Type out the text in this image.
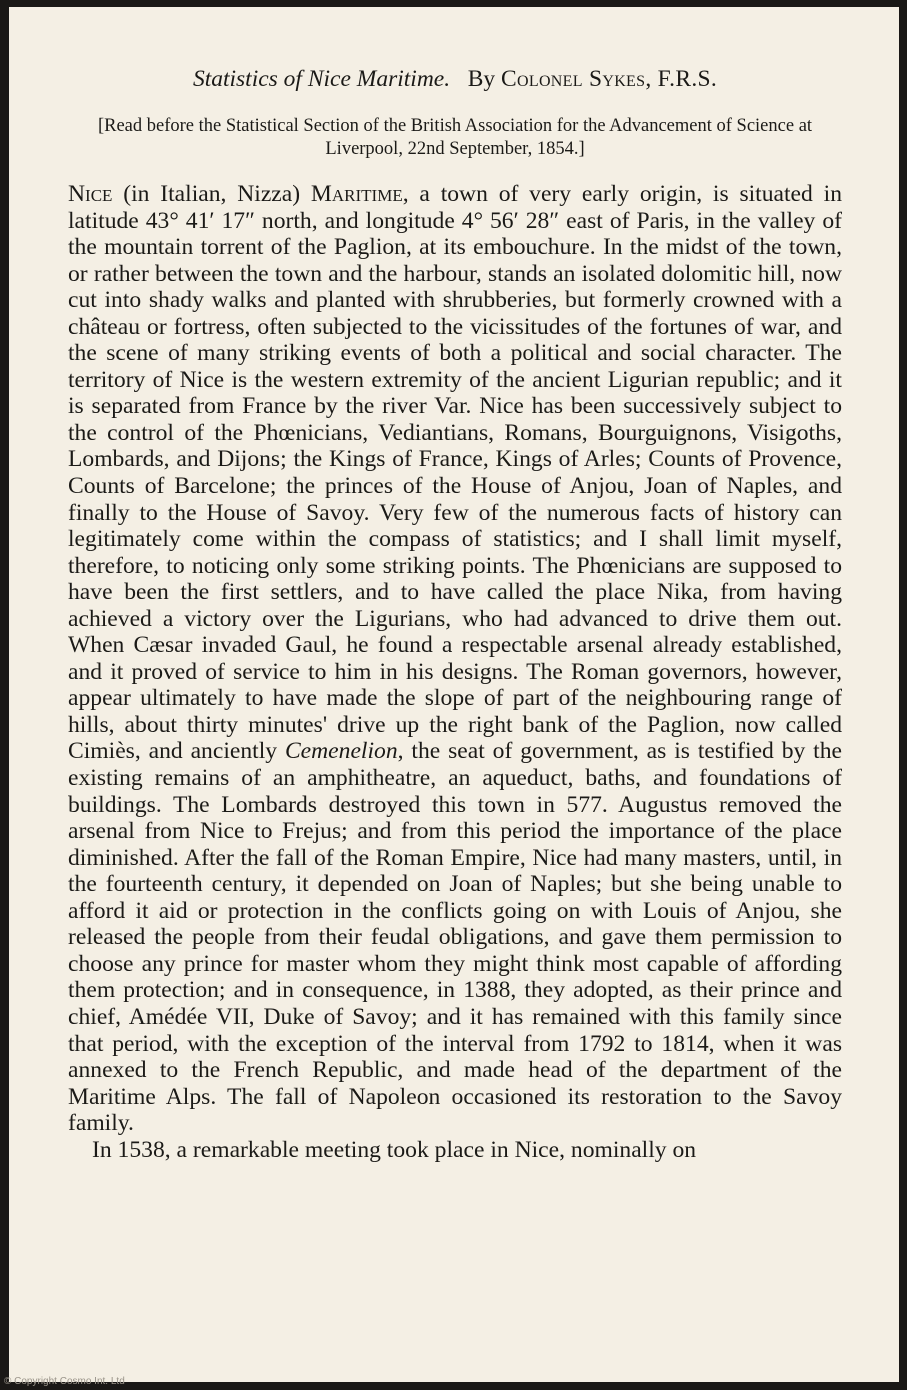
Statistics of Nice Maritime. By Colonel Sykes, F.R.S.

[Read before the Statistical Section of the British Association for the Advancement of Science at Liverpool, 22nd September, 1854.]

Nice (in Italian, Nizza) Maritime, a town of very early origin, is situated in latitude 43° 41′ 17″ north, and longitude 4° 56′ 28″ east of Paris, in the valley of the mountain torrent of the Paglion, at its embouchure. In the midst of the town, or rather between the town and the harbour, stands an isolated dolomitic hill, now cut into shady walks and planted with shrubberies, but formerly crowned with a château or fortress, often subjected to the vicissitudes of the fortunes of war, and the scene of many striking events of both a political and social character. The territory of Nice is the western extremity of the ancient Ligurian republic; and it is separated from France by the river Var. Nice has been successively subject to the control of the Phœnicians, Vediantians, Romans, Bourguignons, Visigoths, Lombards, and Dijons; the Kings of France, Kings of Arles; Counts of Provence, Counts of Barcelone; the princes of the House of Anjou, Joan of Naples, and finally to the House of Savoy. Very few of the numerous facts of history can legitimately come within the compass of statistics; and I shall limit myself, therefore, to noticing only some striking points. The Phœnicians are supposed to have been the first settlers, and to have called the place Nika, from having achieved a victory over the Ligurians, who had advanced to drive them out. When Cæsar invaded Gaul, he found a respectable arsenal already established, and it proved of service to him in his designs. The Roman governors, however, appear ultimately to have made the slope of part of the neighbouring range of hills, about thirty minutes' drive up the right bank of the Paglion, now called Cimiès, and anciently Cemenelion, the seat of government, as is testified by the existing remains of an amphitheatre, an aqueduct, baths, and foundations of buildings. The Lombards destroyed this town in 577. Augustus removed the arsenal from Nice to Frejus; and from this period the importance of the place diminished. After the fall of the Roman Empire, Nice had many masters, until, in the fourteenth century, it depended on Joan of Naples; but she being unable to afford it aid or protection in the conflicts going on with Louis of Anjou, she released the people from their feudal obligations, and gave them permission to choose any prince for master whom they might think most capable of affording them protection; and in consequence, in 1388, they adopted, as their prince and chief, Amédée VII, Duke of Savoy; and it has remained with this family since that period, with the exception of the interval from 1792 to 1814, when it was annexed to the French Republic, and made head of the department of the Maritime Alps. The fall of Napoleon occasioned its restoration to the Savoy family.

In 1538, a remarkable meeting took place in Nice, nominally on

© Copyright Cosmo Int. Ltd
